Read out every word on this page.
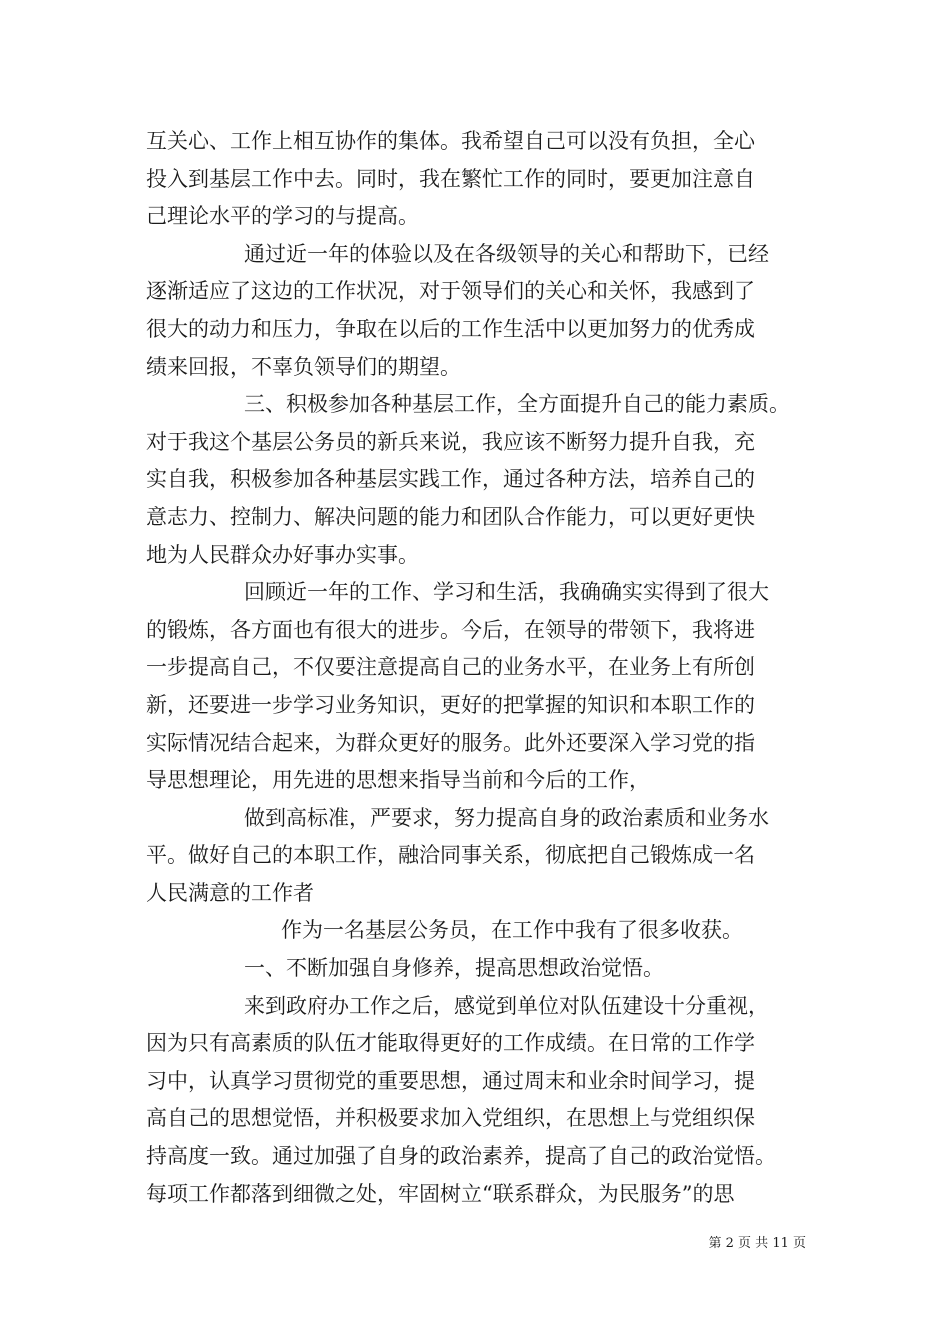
互关心、工作上相互协作的集体。我希望自己可以没有负担，全心
投入到基层工作中去。同时，我在繁忙工作的同时，要更加注意自
己理论水平的学习的与提高。
通过近一年的体验以及在各级领导的关心和帮助下，已经
逐渐适应了这边的工作状况，对于领导们的关心和关怀，我感到了
很大的动力和压力，争取在以后的工作生活中以更加努力的优秀成
绩来回报，不辜负领导们的期望。
三、积极参加各种基层工作，全方面提升自己的能力素质。
对于我这个基层公务员的新兵来说，我应该不断努力提升自我，充
实自我，积极参加各种基层实践工作，通过各种方法，培养自己的
意志力、控制力、解决问题的能力和团队合作能力，可以更好更快
地为人民群众办好事办实事。
回顾近一年的工作、学习和生活，我确确实实得到了很大
的锻炼，各方面也有很大的进步。今后，在领导的带领下，我将进
一步提高自己，不仅要注意提高自己的业务水平，在业务上有所创
新，还要进一步学习业务知识，更好的把掌握的知识和本职工作的
实际情况结合起来，为群众更好的服务。此外还要深入学习党的指
导思想理论，用先进的思想来指导当前和今后的工作，
做到高标准，严要求，努力提高自身的政治素质和业务水
平。做好自己的本职工作，融洽同事关系，彻底把自己锻炼成一名
人民满意的工作者
作为一名基层公务员，在工作中我有了很多收获。
一、不断加强自身修养，提高思想政治觉悟。
来到政府办工作之后，感觉到单位对队伍建设十分重视，
因为只有高素质的队伍才能取得更好的工作成绩。在日常的工作学
习中，认真学习贯彻党的重要思想，通过周末和业余时间学习，提
高自己的思想觉悟，并积极要求加入党组织，在思想上与党组织保
持高度一致。通过加强了自身的政治素养，提高了自己的政治觉悟。
每项工作都落到细微之处，牢固树立“联系群众，为民服务”的思
第 2 页 共 11 页
